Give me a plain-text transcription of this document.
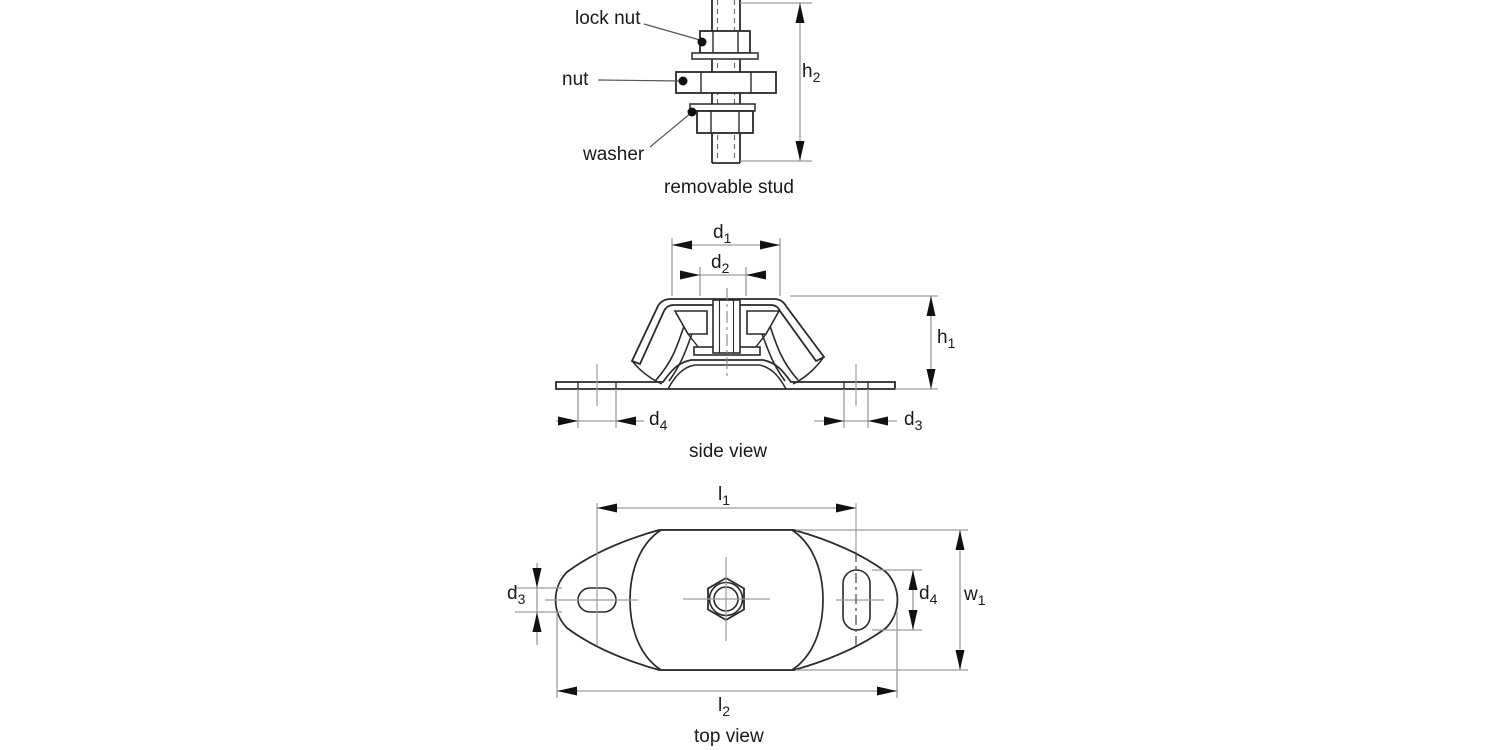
lock nut
nut
washer
$h_2$
removable stud
$d_1$
$d_2$
$h_1$
$d_4$	$d_3$
side view
$l_1$
$d_3$	$d_4$ $w_1$
$l_2$
top view
